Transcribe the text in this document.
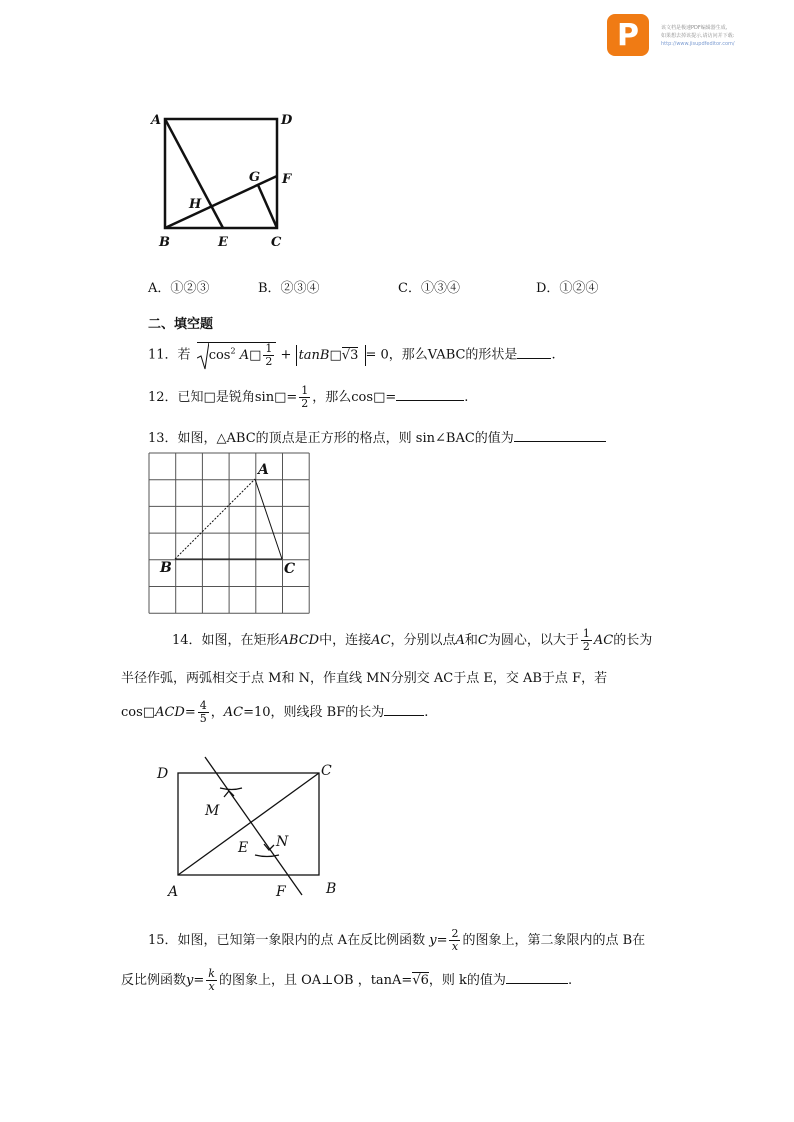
P	该文档是极速PDF编辑器生成,
如果想去掉该提示,请访问并下载:
http://www.jisupdfeditor.com/
A	D
G F
H
B	E	C
A．①②③	B．②③④	C．①③④	D．①②④
二、填空题
11．若 $\cos^2$ A□ $\frac{1}{2}$ + tanB□√3 = 0，那么VABC的形状是	.
12．已知□是锐角sin□= $\frac{1}{2}$ ，那么cos□=	.
13．如图，△ABC的顶点是正方形的格点，则 sin∠BAC的值为
A
B	C
14．如图，在矩形ABCD中，连接AC，分别以点A和C为圆心，以大于 $\frac{1}{2}$ AC的长为
半径作弧，两弧相交于点 M和 N，作直线 MN分别交 AC于点 E，交 AB于点 F，若
cos□ACD= $\frac{4}{5}$ ，AC=10，则线段 BF的长为	.
D	C
M
N
E
A	F	B
15．如图，已知第一象限内的点 A在反比例函数 $y= \frac{2}{x}$ 的图象上，第二象限内的点 B在
反比例函数$y= \frac{k}{x}$ 的图象上，且 OA⊥OB ，tanA=√6，则 k的值为	.
